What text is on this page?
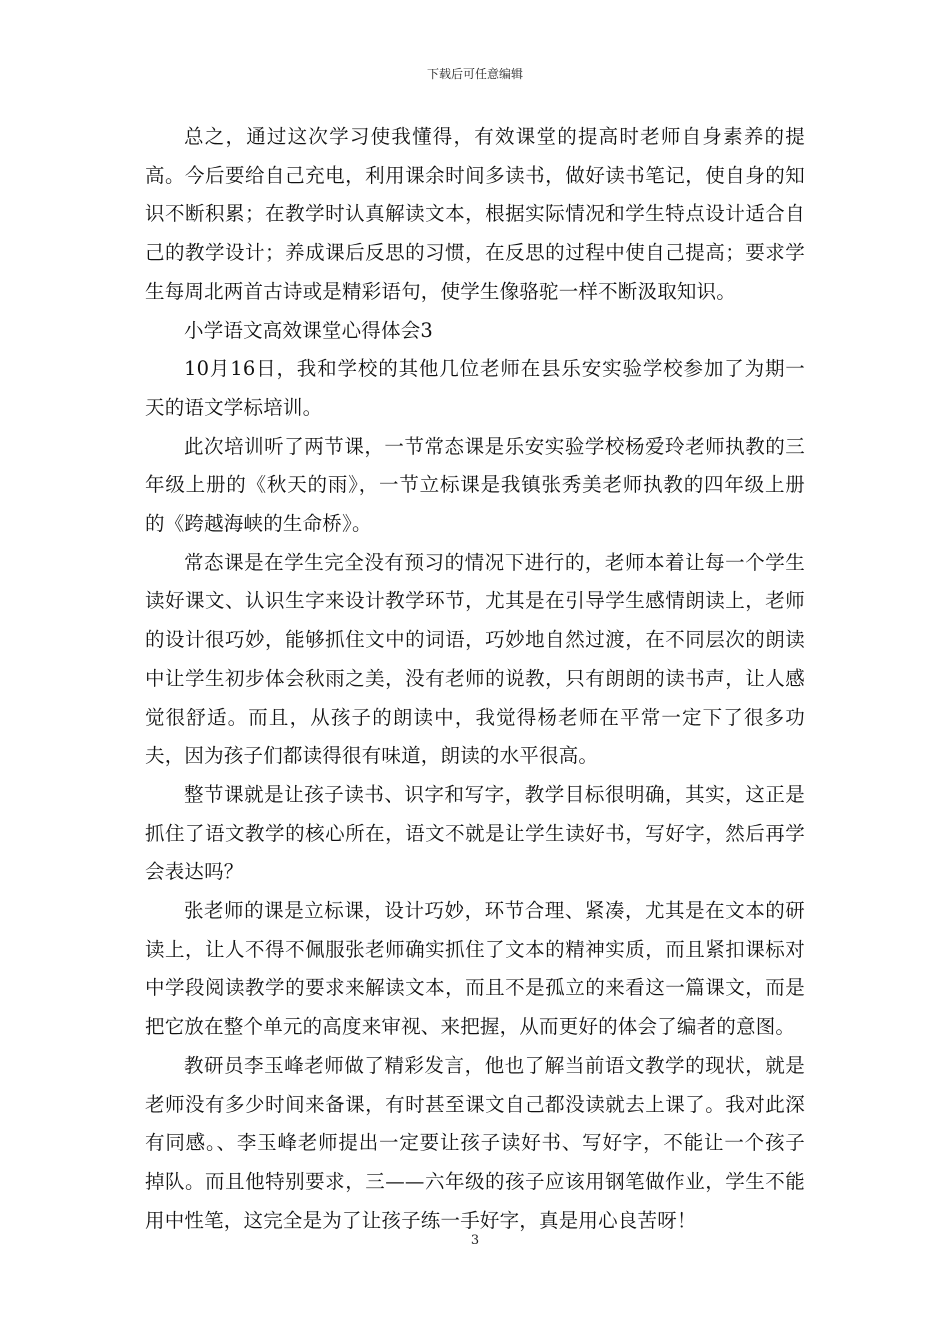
下载后可任意编辑

总之，通过这次学习使我懂得，有效课堂的提高时老师自身素养的提高。今后要给自己充电，利用课余时间多读书，做好读书笔记，使自身的知识不断积累；在教学时认真解读文本，根据实际情况和学生特点设计适合自己的教学设计；养成课后反思的习惯，在反思的过程中使自己提高；要求学生每周北两首古诗或是精彩语句，使学生像骆驼一样不断汲取知识。

小学语文高效课堂心得体会3

10月16日，我和学校的其他几位老师在县乐安实验学校参加了为期一天的语文学标培训。

此次培训听了两节课，一节常态课是乐安实验学校杨爱玲老师执教的三年级上册的《秋天的雨》，一节立标课是我镇张秀美老师执教的四年级上册的《跨越海峡的生命桥》。

常态课是在学生完全没有预习的情况下进行的，老师本着让每一个学生读好课文、认识生字来设计教学环节，尤其是在引导学生感情朗读上，老师的设计很巧妙，能够抓住文中的词语，巧妙地自然过渡，在不同层次的朗读中让学生初步体会秋雨之美，没有老师的说教，只有朗朗的读书声，让人感觉很舒适。而且，从孩子的朗读中，我觉得杨老师在平常一定下了很多功夫，因为孩子们都读得很有味道，朗读的水平很高。

整节课就是让孩子读书、识字和写字，教学目标很明确，其实，这正是抓住了语文教学的核心所在，语文不就是让学生读好书，写好字，然后再学会表达吗？

张老师的课是立标课，设计巧妙，环节合理、紧凑，尤其是在文本的研读上，让人不得不佩服张老师确实抓住了文本的精神实质，而且紧扣课标对中学段阅读教学的要求来解读文本，而且不是孤立的来看这一篇课文，而是把它放在整个单元的高度来审视、来把握，从而更好的体会了编者的意图。

教研员李玉峰老师做了精彩发言，他也了解当前语文教学的现状，就是老师没有多少时间来备课，有时甚至课文自己都没读就去上课了。我对此深有同感。、李玉峰老师提出一定要让孩子读好书、写好字，不能让一个孩子掉队。而且他特别要求，三——六年级的孩子应该用钢笔做作业，学生不能用中性笔，这完全是为了让孩子练一手好字，真是用心良苦呀！

3
